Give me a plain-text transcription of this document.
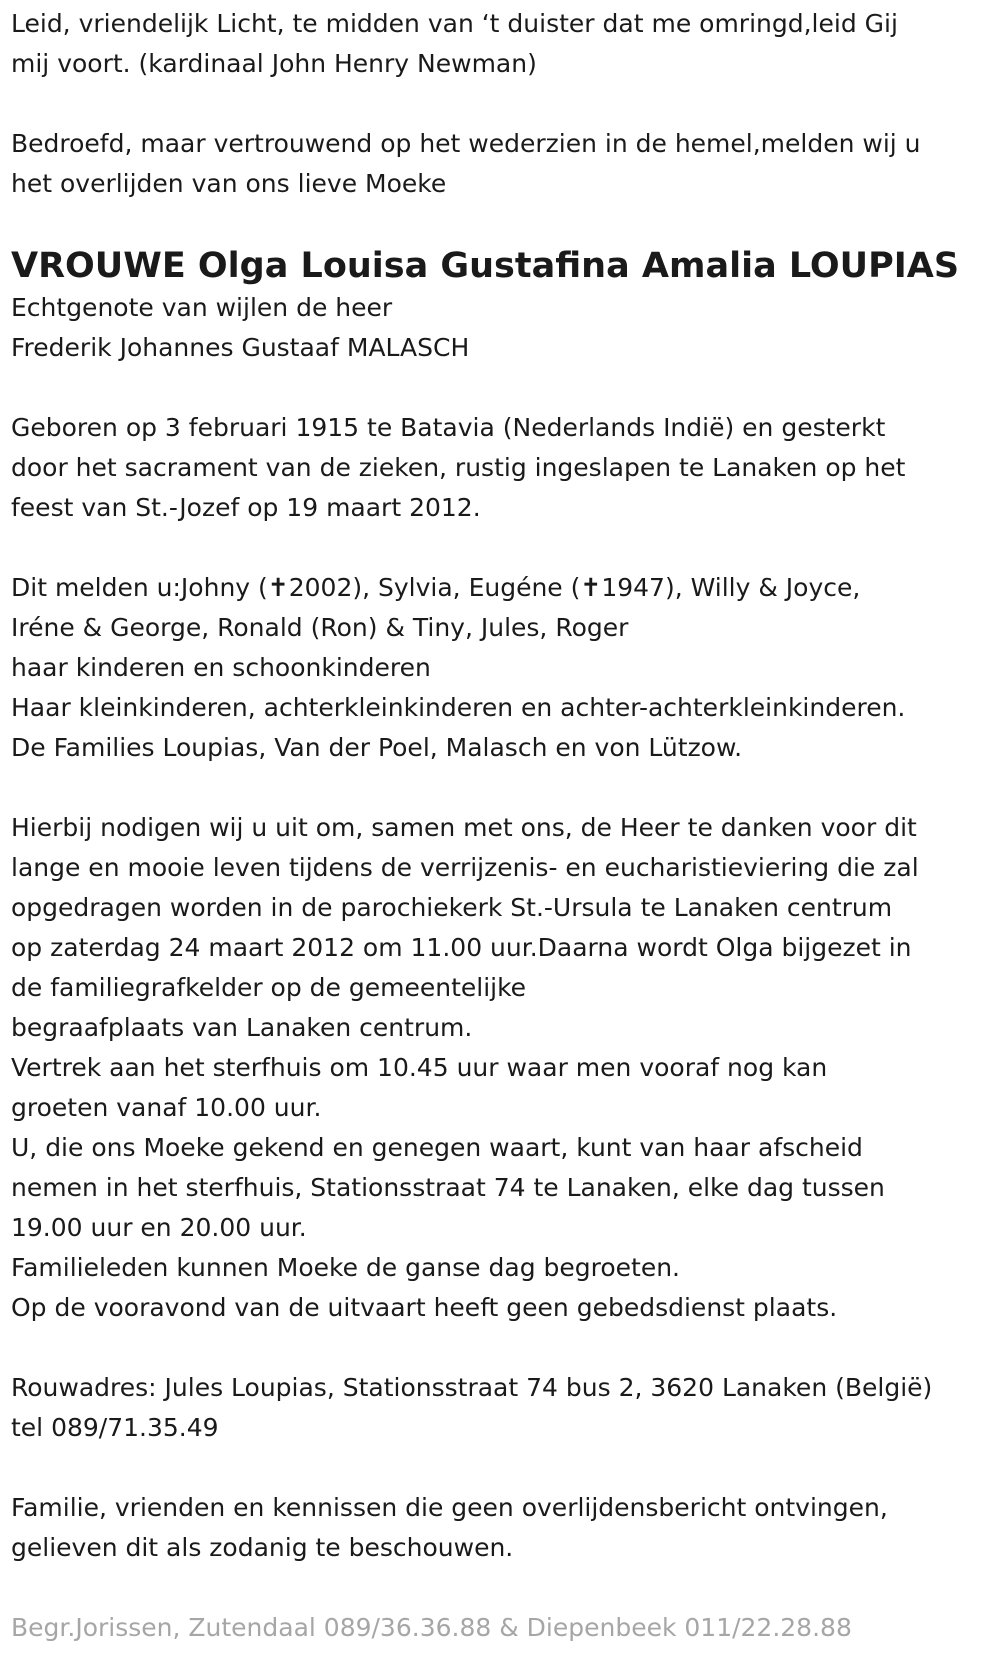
Leid, vriendelijk Licht, te midden van ‘t duister dat me omringd,leid Gij
mij voort. (kardinaal John Henry Newman)
Bedroefd, maar vertrouwend op het wederzien in de hemel,melden wij u
het overlijden van ons lieve Moeke
VROUWE Olga Louisa Gustafina Amalia LOUPIAS
Echtgenote van wijlen de heer
Frederik Johannes Gustaaf MALASCH
Geboren op 3 februari 1915 te Batavia (Nederlands Indië) en gesterkt
door het sacrament van de zieken, rustig ingeslapen te Lanaken op het
feest van St.-Jozef op 19 maart 2012.
Dit melden u:Johny (✝2002), Sylvia, Eugéne (✝1947), Willy & Joyce,
Iréne & George, Ronald (Ron) & Tiny, Jules, Roger
haar kinderen en schoonkinderen
Haar kleinkinderen, achterkleinkinderen en achter-achterkleinkinderen.
De Families Loupias, Van der Poel, Malasch en von Lützow.
Hierbij nodigen wij u uit om, samen met ons, de Heer te danken voor dit
lange en mooie leven tijdens de verrijzenis- en eucharistieviering die zal
opgedragen worden in de parochiekerk St.-Ursula te Lanaken centrum
op zaterdag 24 maart 2012 om 11.00 uur.Daarna wordt Olga bijgezet in
de familiegrafkelder op de gemeentelijke
begraafplaats van Lanaken centrum.
Vertrek aan het sterfhuis om 10.45 uur waar men vooraf nog kan
groeten vanaf 10.00 uur.
U, die ons Moeke gekend en genegen waart, kunt van haar afscheid
nemen in het sterfhuis, Stationsstraat 74 te Lanaken, elke dag tussen
19.00 uur en 20.00 uur.
Familieleden kunnen Moeke de ganse dag begroeten.
Op de vooravond van de uitvaart heeft geen gebedsdienst plaats.
Rouwadres: Jules Loupias, Stationsstraat 74 bus 2, 3620 Lanaken (België)
tel 089/71.35.49
Familie, vrienden en kennissen die geen overlijdensbericht ontvingen,
gelieven dit als zodanig te beschouwen.
Begr.Jorissen, Zutendaal 089/36.36.88 & Diepenbeek 011/22.28.88
